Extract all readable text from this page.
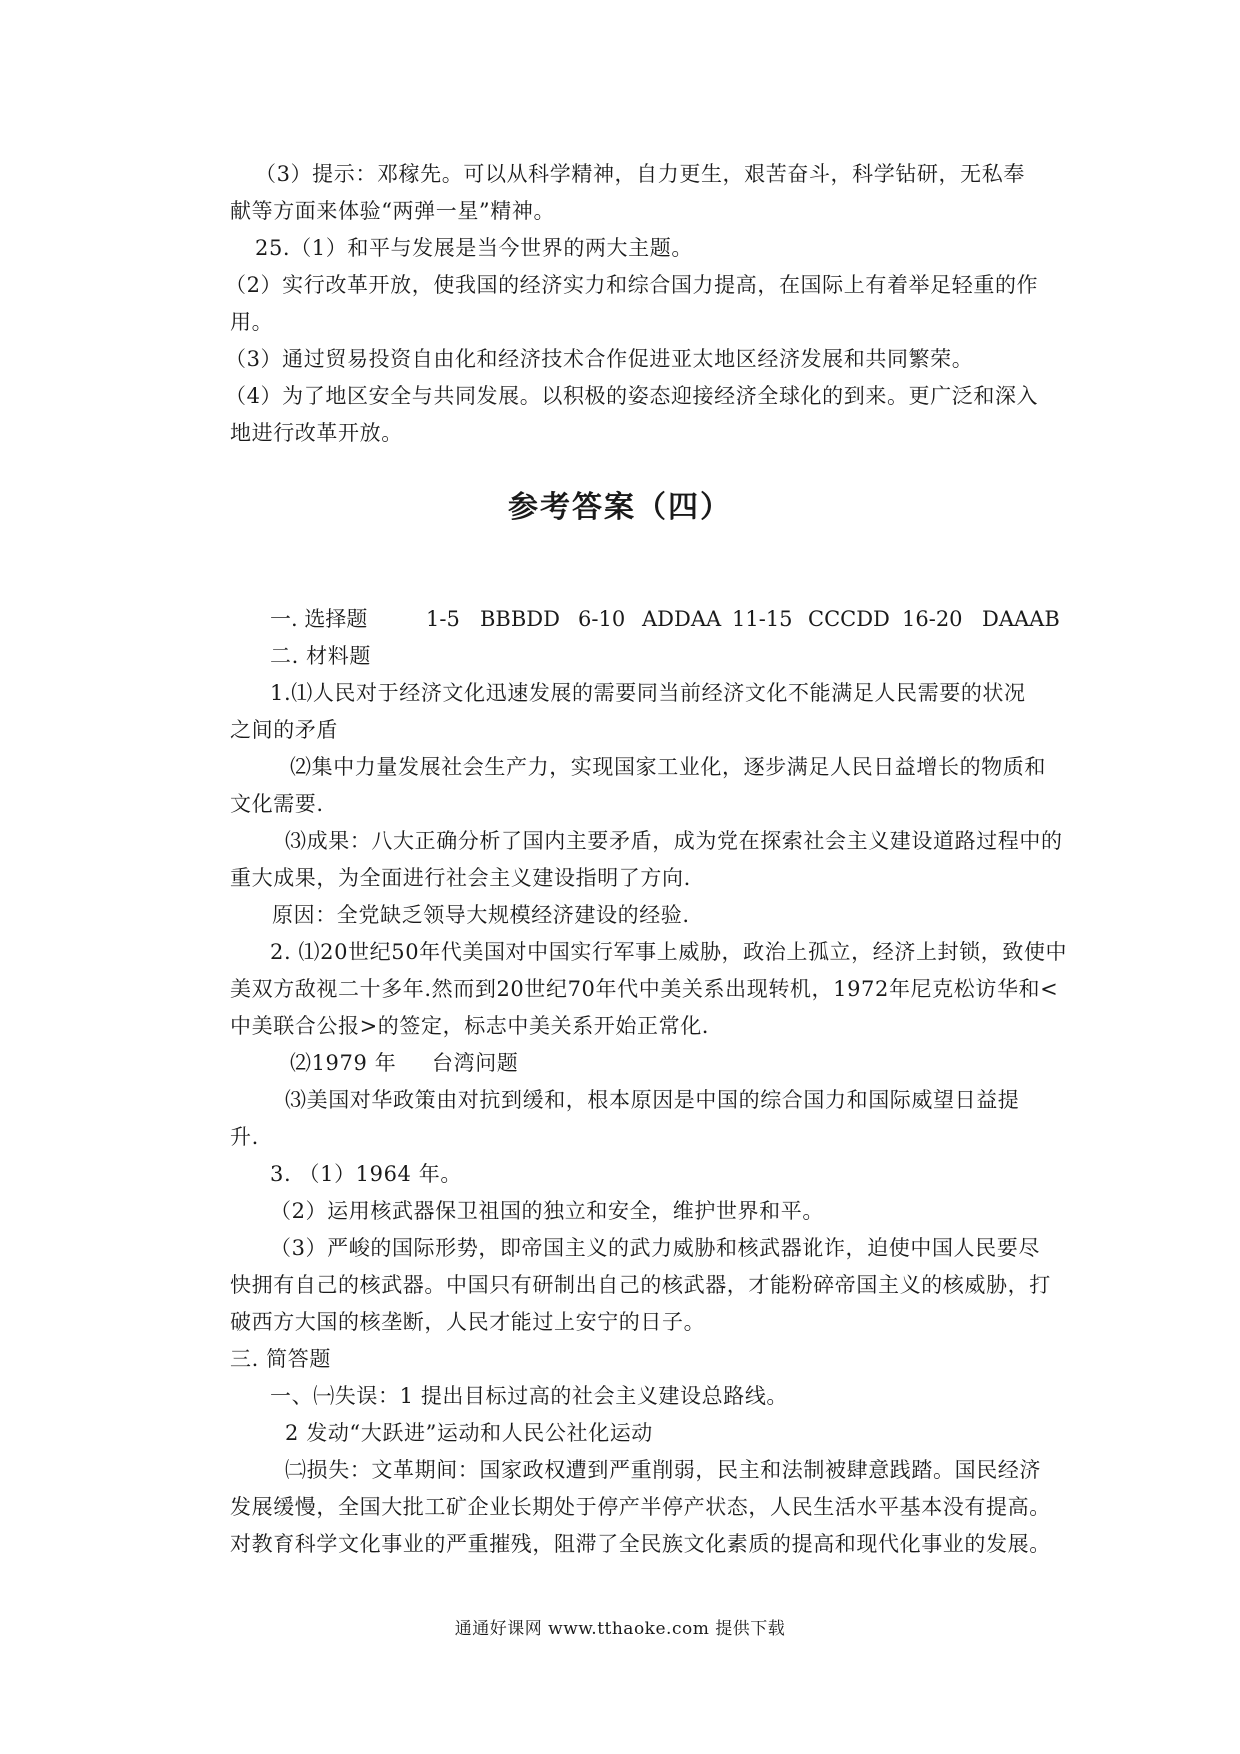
（3）提示：邓稼先。可以从科学精神，自力更生，艰苦奋斗，科学钻研，无私奉
献等方面来体验“两弹一星”精神。
25.（1）和平与发展是当今世界的两大主题。
（2）实行改革开放，使我国的经济实力和综合国力提高，在国际上有着举足轻重的作
用。
（3）通过贸易投资自由化和经济技术合作促进亚太地区经济发展和共同繁荣。
（4）为了地区安全与共同发展。以积极的姿态迎接经济全球化的到来。更广泛和深入
地进行改革开放。
参考答案（四）
一. 选择题	1-5 BBBDD 6-10 ADDAA 11-15 CCCDD 16-20 DAAAB
二. 材料题
1.⑴人民对于经济文化迅速发展的需要同当前经济文化不能满足人民需要的状况
之间的矛盾
⑵集中力量发展社会生产力，实现国家工业化，逐步满足人民日益增长的物质和
文化需要.
⑶成果：八大正确分析了国内主要矛盾，成为党在探索社会主义建设道路过程中的
重大成果，为全面进行社会主义建设指明了方向.
原因：全党缺乏领导大规模经济建设的经验.
2. ⑴20世纪50年代美国对中国实行军事上威胁，政治上孤立，经济上封锁，致使中
美双方敌视二十多年.然而到20世纪70年代中美关系出现转机，1972年尼克松访华和<
中美联合公报>的签定，标志中美关系开始正常化.
⑵1979 年 台湾问题
⑶美国对华政策由对抗到缓和，根本原因是中国的综合国力和国际威望日益提
升.
3. （1）1964 年。
（2）运用核武器保卫祖国的独立和安全，维护世界和平。
（3）严峻的国际形势，即帝国主义的武力威胁和核武器讹诈，迫使中国人民要尽
快拥有自己的核武器。中国只有研制出自己的核武器，才能粉碎帝国主义的核威胁，打
破西方大国的核垄断，人民才能过上安宁的日子。
三. 简答题
一、㈠失误：1 提出目标过高的社会主义建设总路线。
2 发动“大跃进”运动和人民公社化运动
㈡损失：文革期间：国家政权遭到严重削弱，民主和法制被肆意践踏。国民经济
发展缓慢，全国大批工矿企业长期处于停产半停产状态，人民生活水平基本没有提高。
对教育科学文化事业的严重摧残，阻滞了全民族文化素质的提高和现代化事业的发展。
通通好课网 www.tthaoke.com 提供下载
